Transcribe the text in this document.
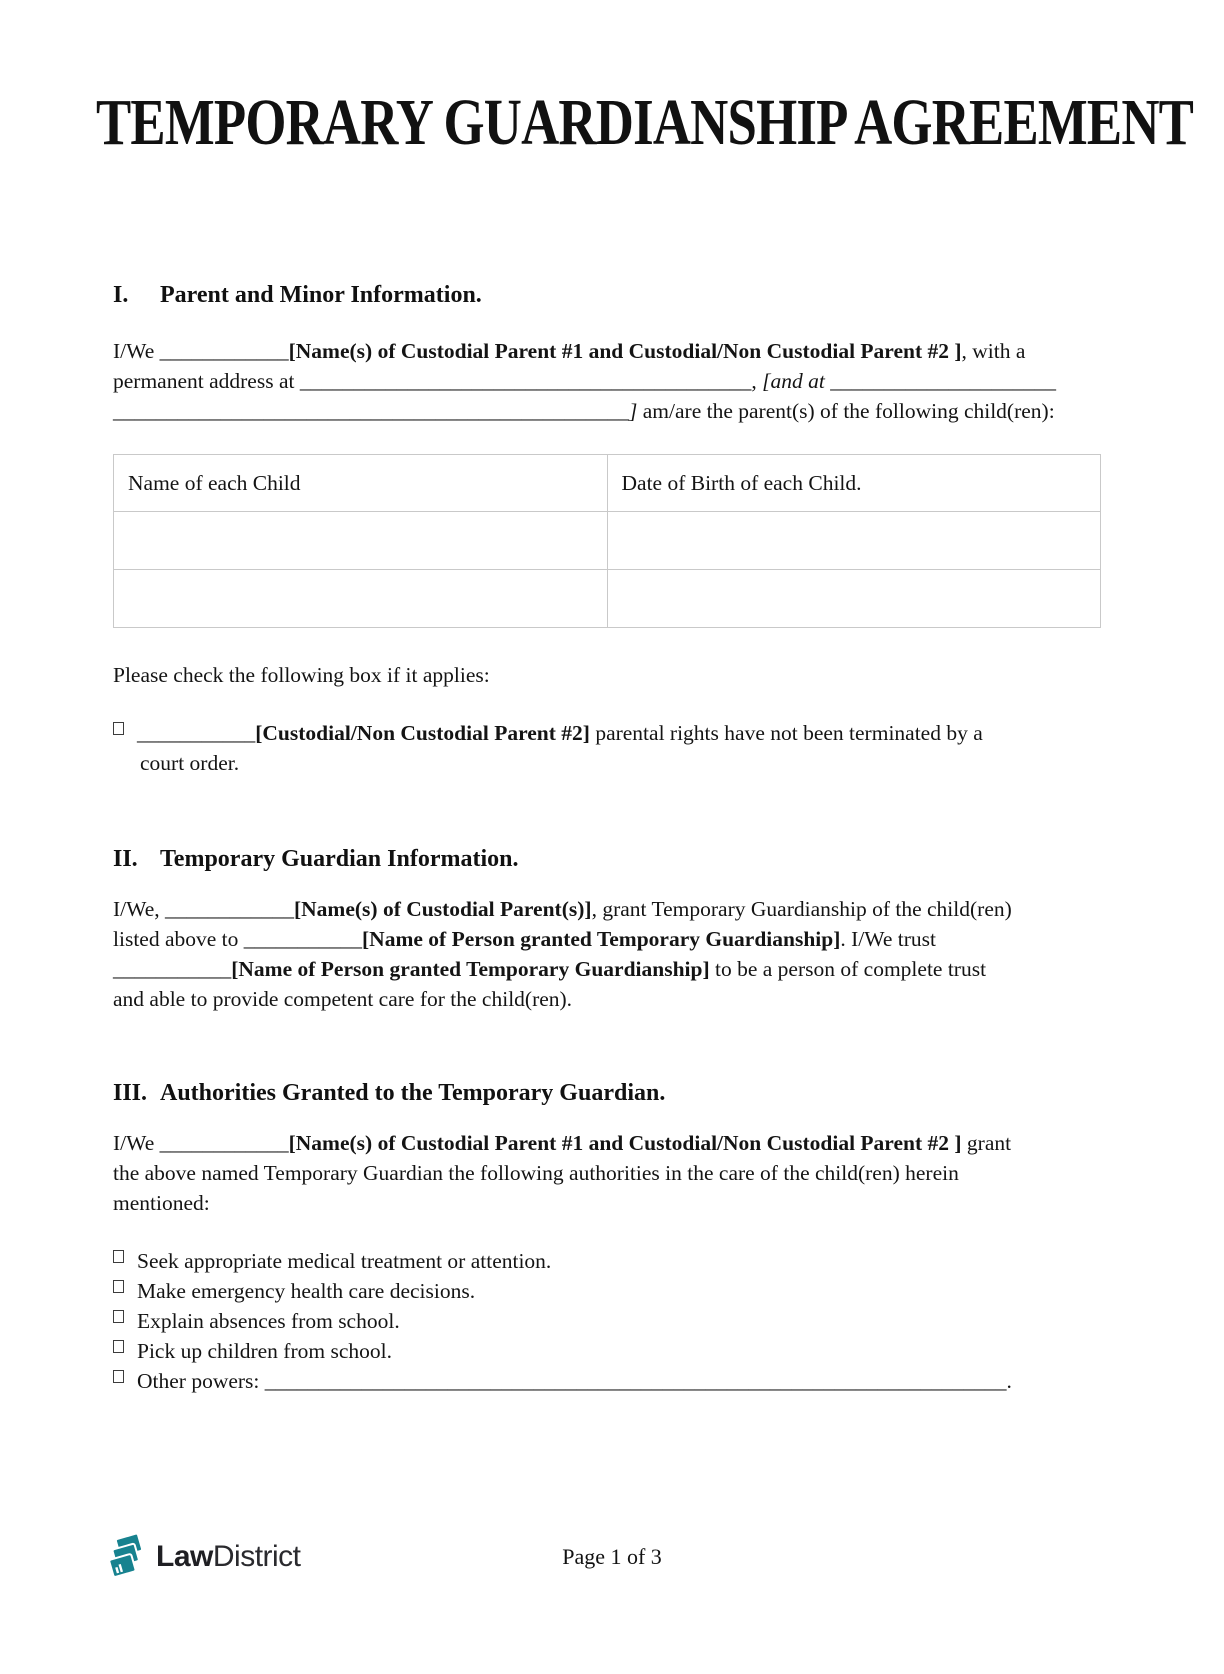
TEMPORARY GUARDIANSHIP AGREEMENT
I. Parent and Minor Information.
I/We ____________[Name(s) of Custodial Parent #1 and Custodial/Non Custodial Parent #2 ], with a
permanent address at __________________________________________, [and at _____________________
________________________________________________] am/are the parent(s) of the following child(ren):
Name of each Child	Date of Birth of each Child.

Please check the following box if it applies:
___________[Custodial/Non Custodial Parent #2] parental rights have not been terminated by a
court order.
II. Temporary Guardian Information.
I/We, ____________[Name(s) of Custodial Parent(s)], grant Temporary Guardianship of the child(ren)
listed above to ___________[Name of Person granted Temporary Guardianship]. I/We trust
___________[Name of Person granted Temporary Guardianship] to be a person of complete trust
and able to provide competent care for the child(ren).
III. Authorities Granted to the Temporary Guardian.
I/We ____________[Name(s) of Custodial Parent #1 and Custodial/Non Custodial Parent #2 ] grant
the above named Temporary Guardian the following authorities in the care of the child(ren) herein
mentioned:
Seek appropriate medical treatment or attention.
Make emergency health care decisions.
Explain absences from school.
Pick up children from school.
Other powers: _____________________________________________________________________.
LawDistrict	Page 1 of 3
